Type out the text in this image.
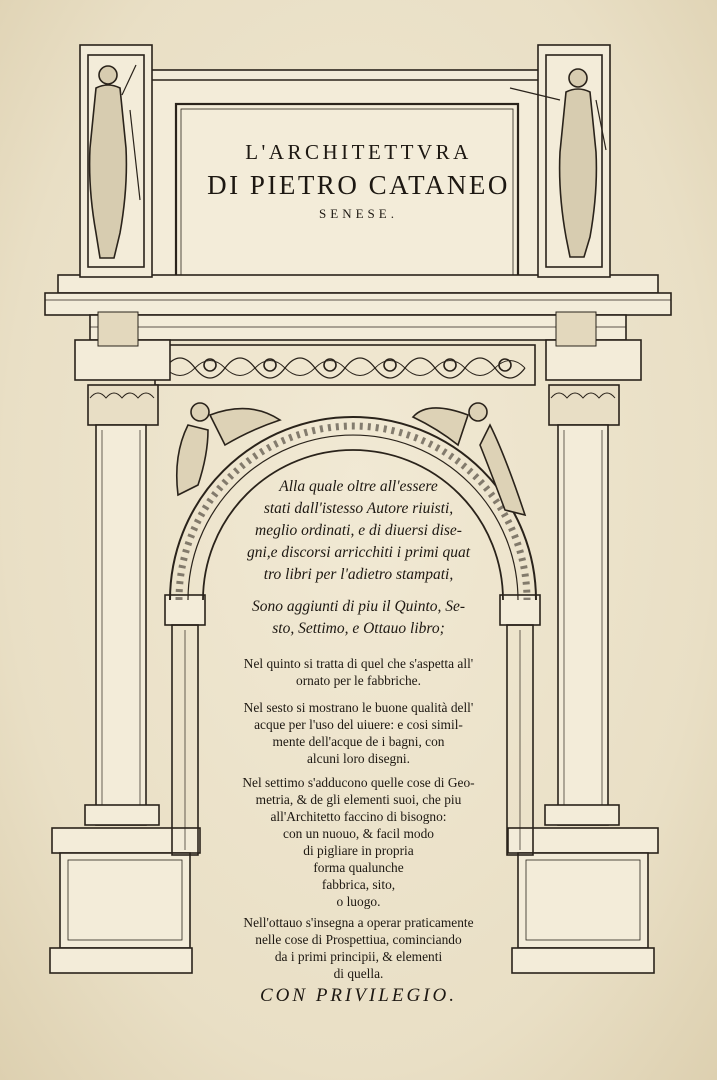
L'ARCHITETTVRA
DI PIETRO CATANEO
SENESE.
Alla quale oltre all'essere
stati dall'istesso Autore riuisti,
meglio ordinati, e di diuersi dise-
gni,e discorsi arricchiti i primi quat
tro libri per l'adietro stampati,
Sono aggiunti di piu il Quinto, Se-
sto, Settimo, e Ottauo libro;
Nel quinto si tratta di quel che s'aspetta all'
ornato per le fabbriche.
Nel sesto si mostrano le buone qualità dell'
acque per l'uso del uiuere: e cosi simil-
mente dell'acque de i bagni, con
alcuni loro disegni.
Nel settimo s'adducono quelle cose di Geo-
metria, & de gli elementi suoi, che piu
all'Architetto faccino di bisogno:
con un nuouo, & facil modo
di pigliare in propria
forma qualunche
fabbrica, sito,
o luogo.
Nell'ottauo s'insegna a operar praticamente
nelle cose di Prospettiua, cominciando
da i primi principii, & elementi
di quella.
CON PRIVILEGIO.
